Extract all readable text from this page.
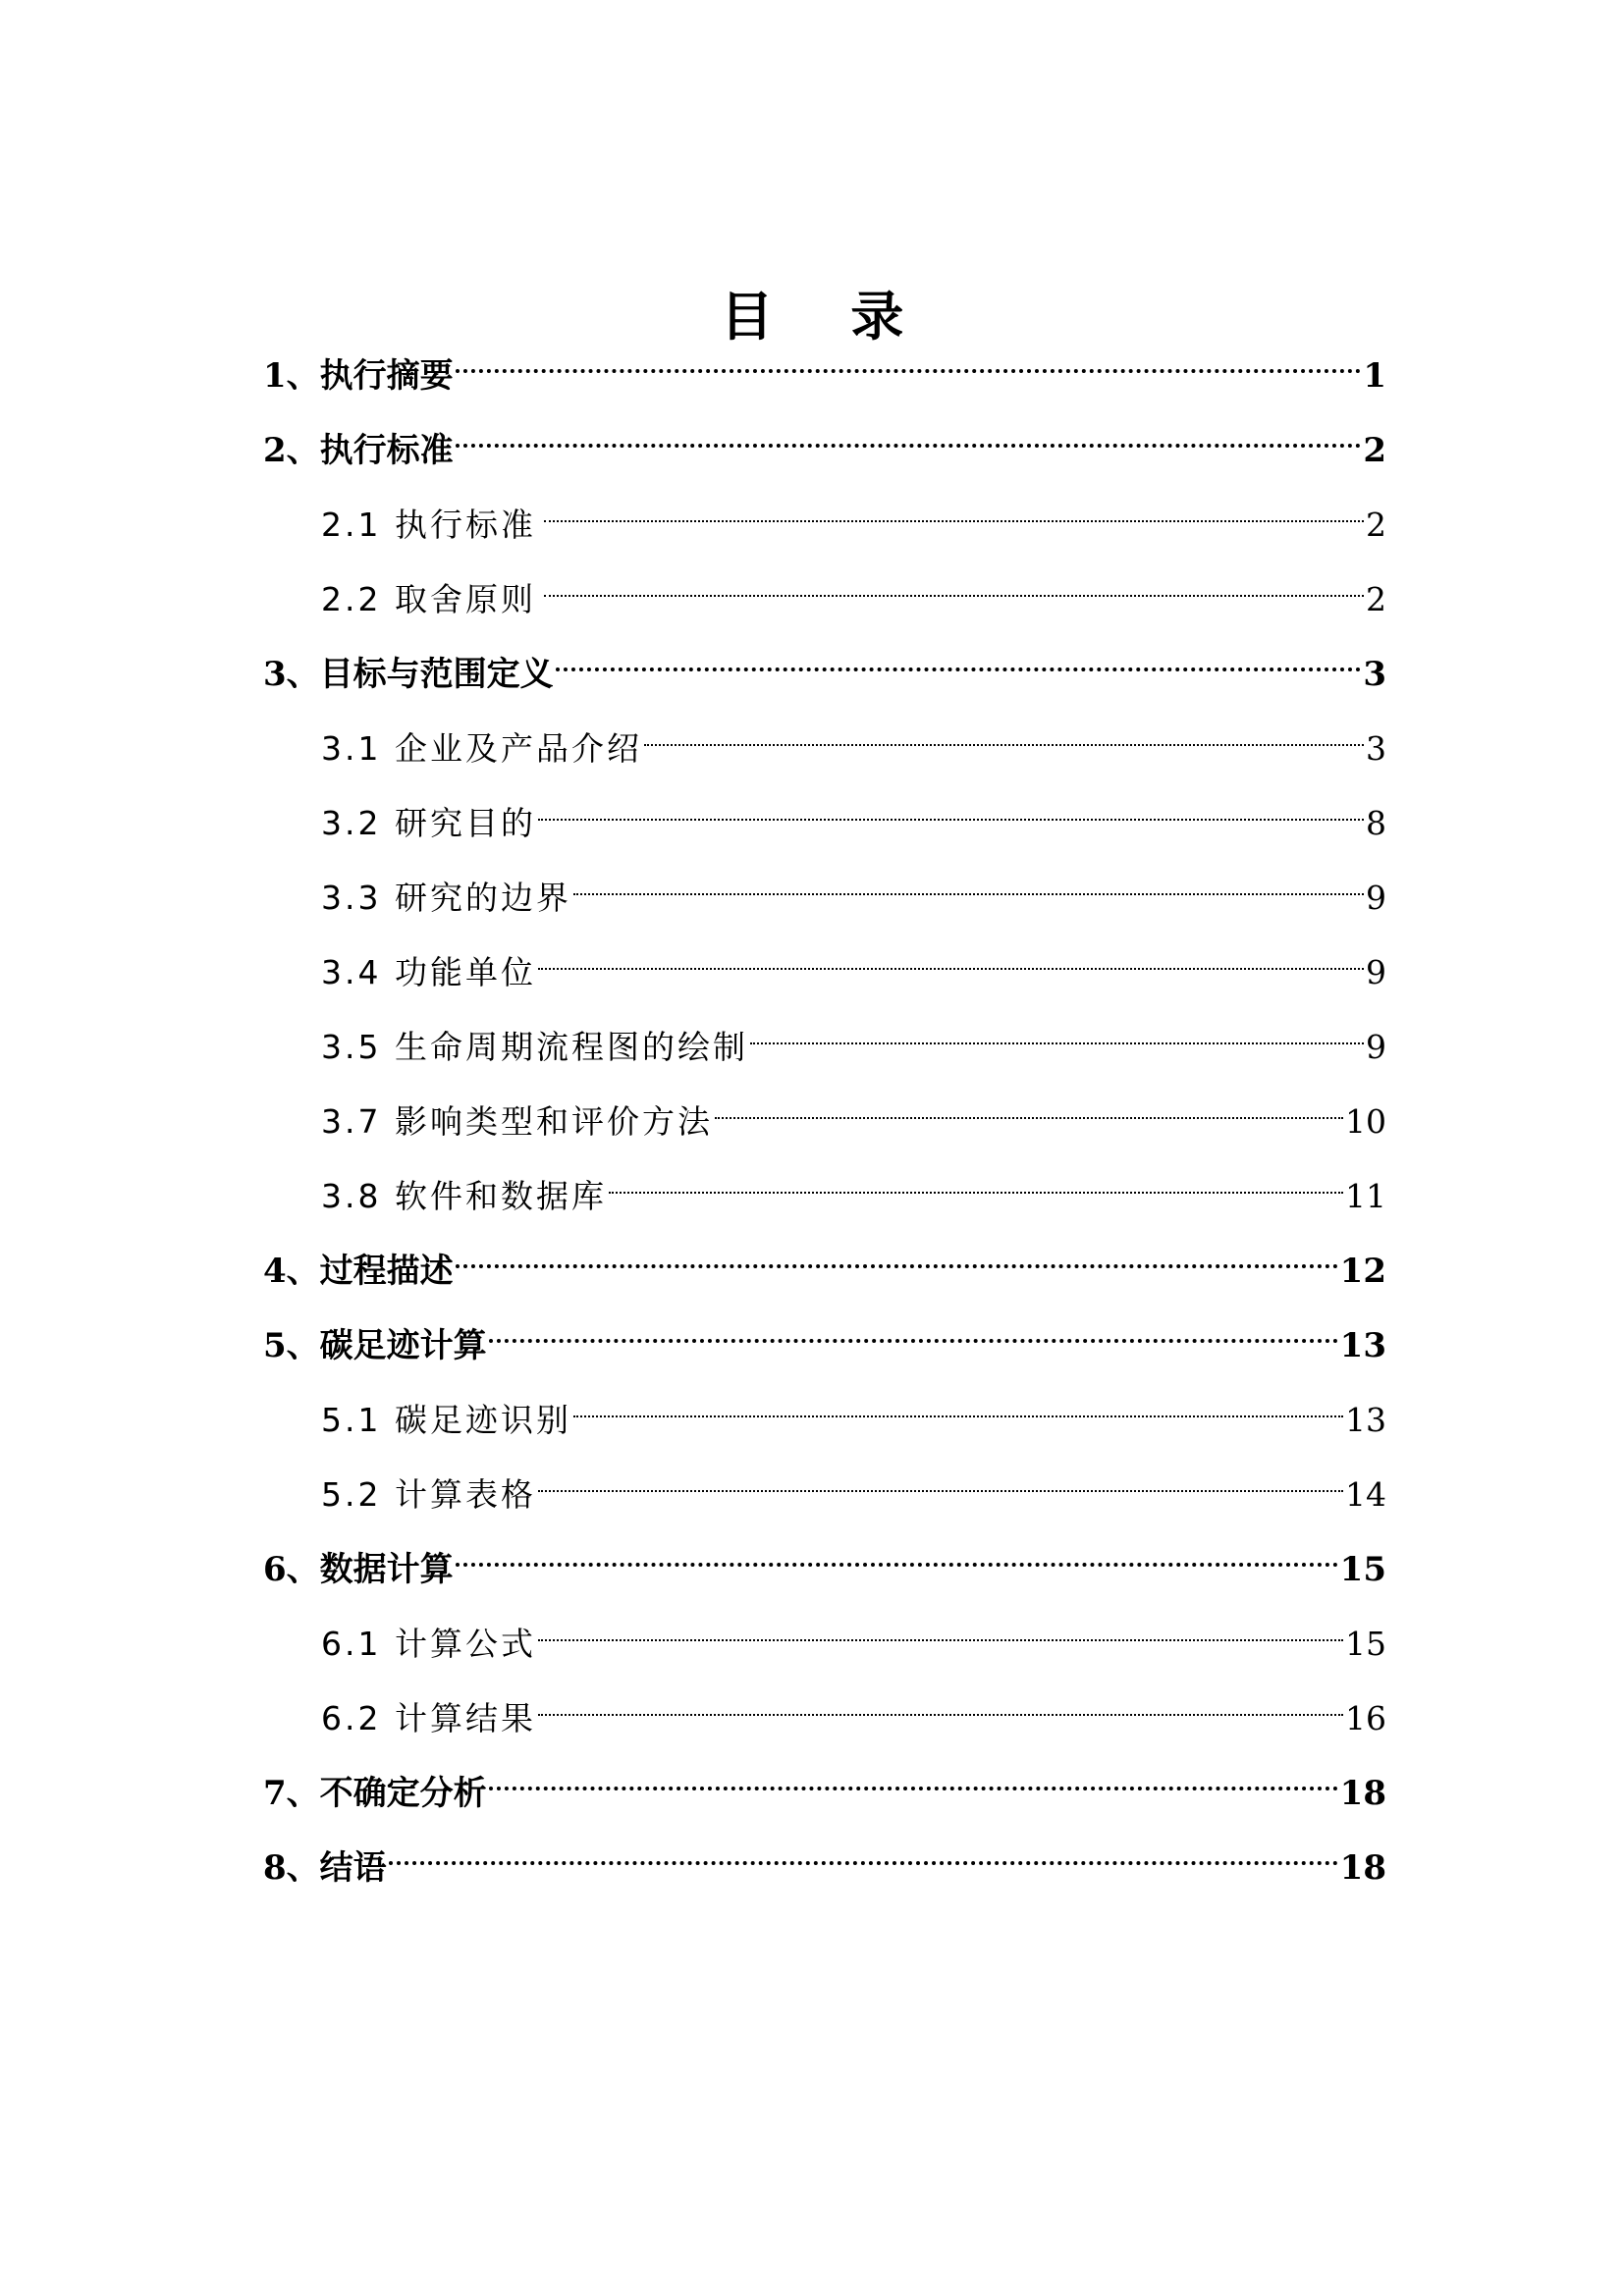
目 录
1、执行摘要	1
2、执行标准	2
2.1 执行标准	2
2.2 取舍原则	2
3、目标与范围定义	3
3.1 企业及产品介绍	3
3.2 研究目的	8
3.3 研究的边界	9
3.4 功能单位	9
3.5 生命周期流程图的绘制	9
3.7 影响类型和评价方法	10
3.8 软件和数据库	11
4、过程描述	12
5、碳足迹计算	13
5.1 碳足迹识别	13
5.2 计算表格	14
6、数据计算	15
6.1 计算公式	15
6.2 计算结果	16
7、不确定分析	18
8、结语	18
